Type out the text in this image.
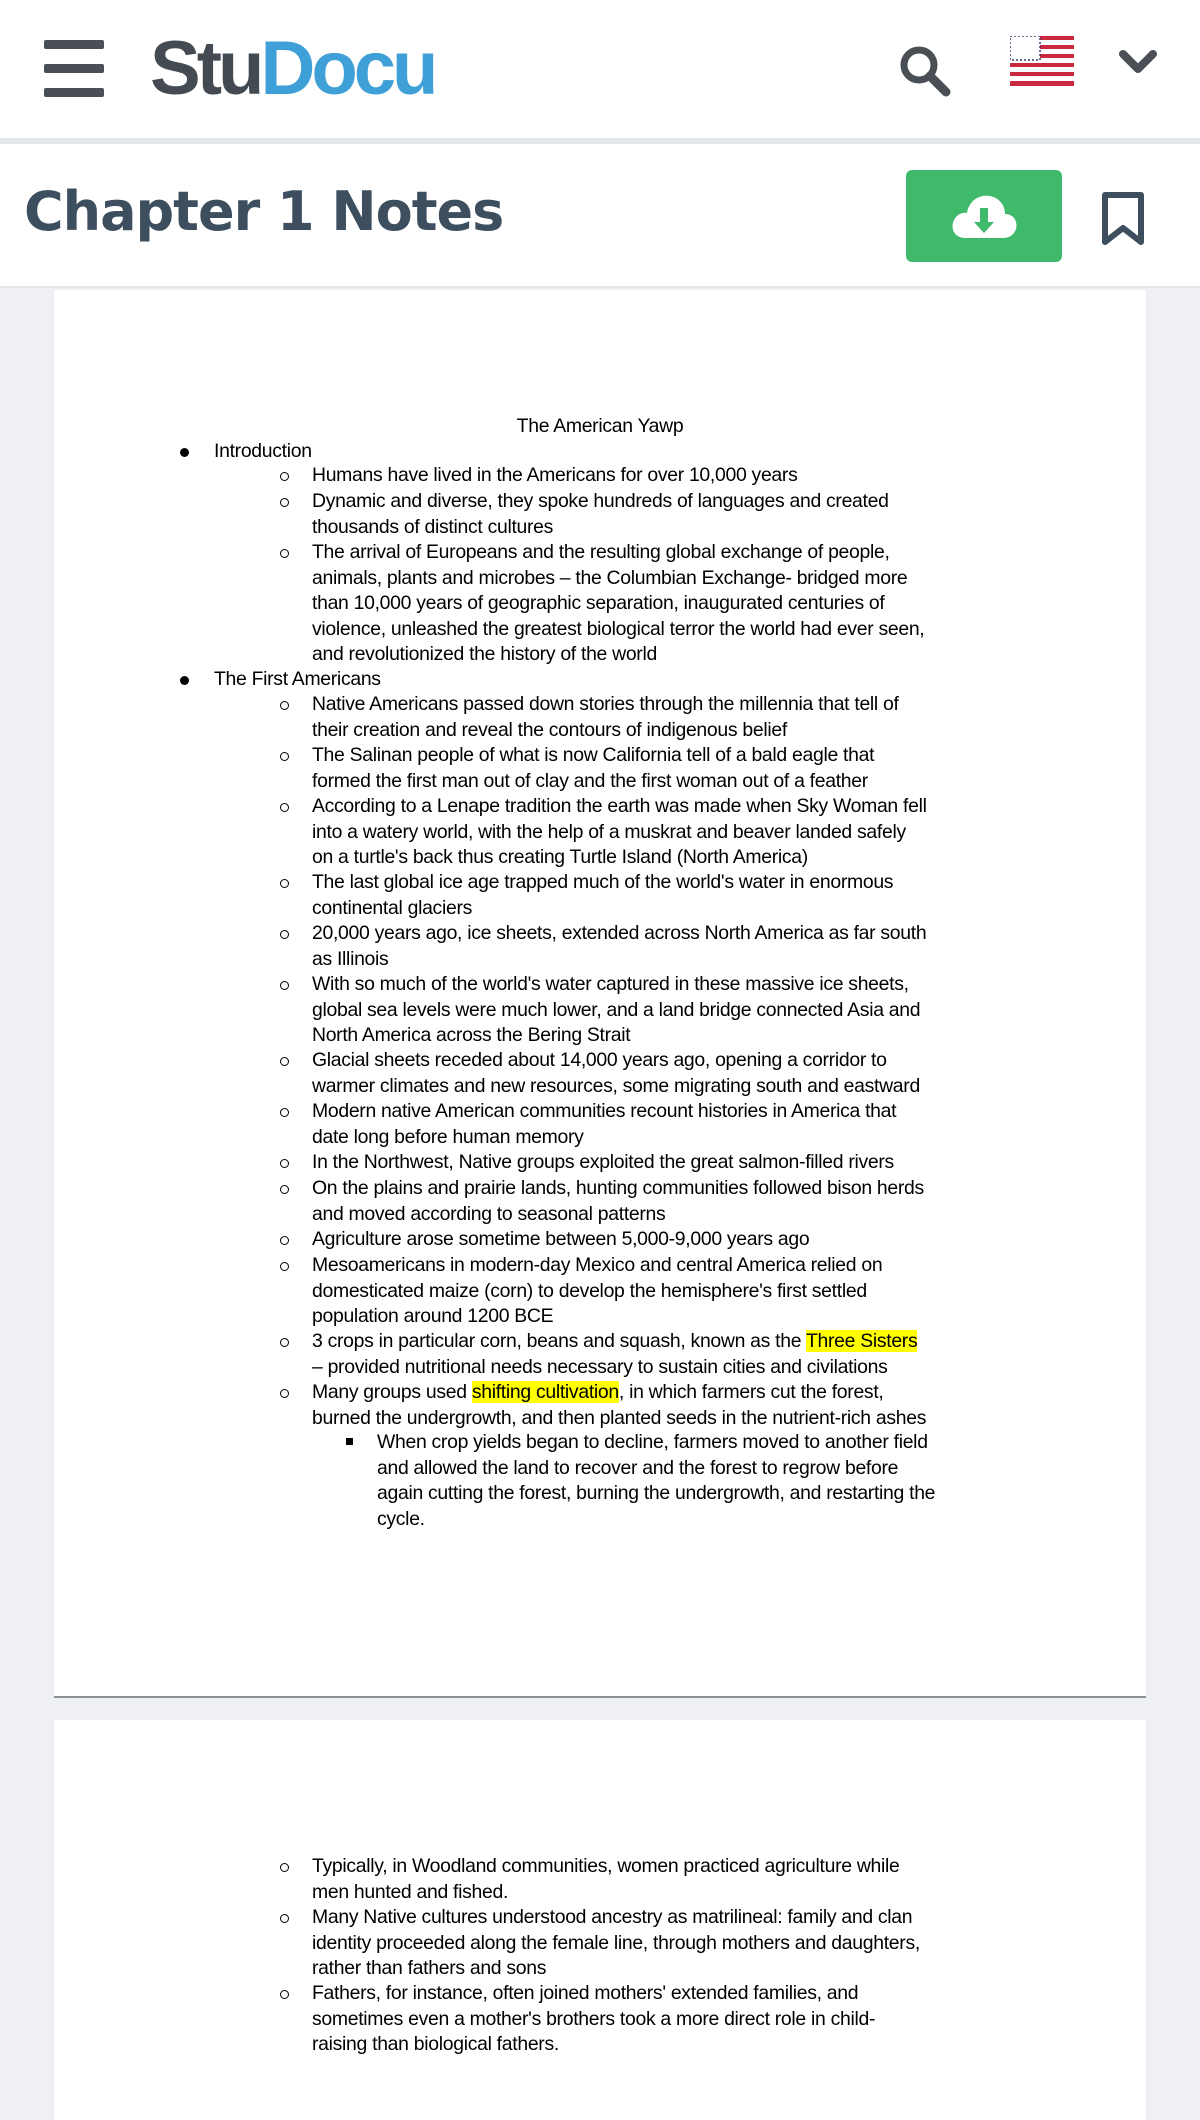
StuDocu
Chapter 1 Notes
The American Yawp
Introduction
Humans have lived in the Americans for over 10,000 years
Dynamic and diverse, they spoke hundreds of languages and created
thousands of distinct cultures
The arrival of Europeans and the resulting global exchange of people,
animals, plants and microbes – the Columbian Exchange- bridged more
than 10,000 years of geographic separation, inaugurated centuries of
violence, unleashed the greatest biological terror the world had ever seen,
and revolutionized the history of the world
The First Americans
Native Americans passed down stories through the millennia that tell of
their creation and reveal the contours of indigenous belief
The Salinan people of what is now California tell of a bald eagle that
formed the first man out of clay and the first woman out of a feather
According to a Lenape tradition the earth was made when Sky Woman fell
into a watery world, with the help of a muskrat and beaver landed safely
on a turtle's back thus creating Turtle Island (North America)
The last global ice age trapped much of the world's water in enormous
continental glaciers
20,000 years ago, ice sheets, extended across North America as far south
as Illinois
With so much of the world's water captured in these massive ice sheets,
global sea levels were much lower, and a land bridge connected Asia and
North America across the Bering Strait
Glacial sheets receded about 14,000 years ago, opening a corridor to
warmer climates and new resources, some migrating south and eastward
Modern native American communities recount histories in America that
date long before human memory
In the Northwest, Native groups exploited the great salmon-filled rivers
On the plains and prairie lands, hunting communities followed bison herds
and moved according to seasonal patterns
Agriculture arose sometime between 5,000-9,000 years ago
Mesoamericans in modern-day Mexico and central America relied on
domesticated maize (corn) to develop the hemisphere's first settled
population around 1200 BCE
3 crops in particular corn, beans and squash, known as the Three Sisters
– provided nutritional needs necessary to sustain cities and civilations
Many groups used shifting cultivation, in which farmers cut the forest,
burned the undergrowth, and then planted seeds in the nutrient-rich ashes
When crop yields began to decline, farmers moved to another field
and allowed the land to recover and the forest to regrow before
again cutting the forest, burning the undergrowth, and restarting the
cycle.
Typically, in Woodland communities, women practiced agriculture while
men hunted and fished.
Many Native cultures understood ancestry as matrilineal: family and clan
identity proceeded along the female line, through mothers and daughters,
rather than fathers and sons
Fathers, for instance, often joined mothers' extended families, and
sometimes even a mother's brothers took a more direct role in child-
raising than biological fathers.
